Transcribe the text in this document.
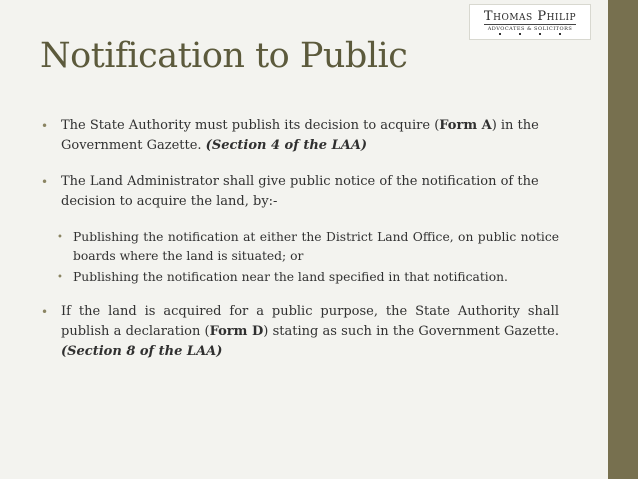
Thomas Philip
ADVOCATES & SOLICITORS
Notification to Public

• The State Authority must publish its decision to acquire (Form A) in the Government Gazette. (Section 4 of the LAA)

• The Land Administrator shall give public notice of the notification of the decision to acquire the land, by:-

• Publishing the notification at either the District Land Office, on public notice boards where the land is situated; or

• Publishing the notification near the land specified in that notification.

• If the land is acquired for a public purpose, the State Authority shall publish a declaration (Form D) stating as such in the Government Gazette. (Section 8 of the LAA)
